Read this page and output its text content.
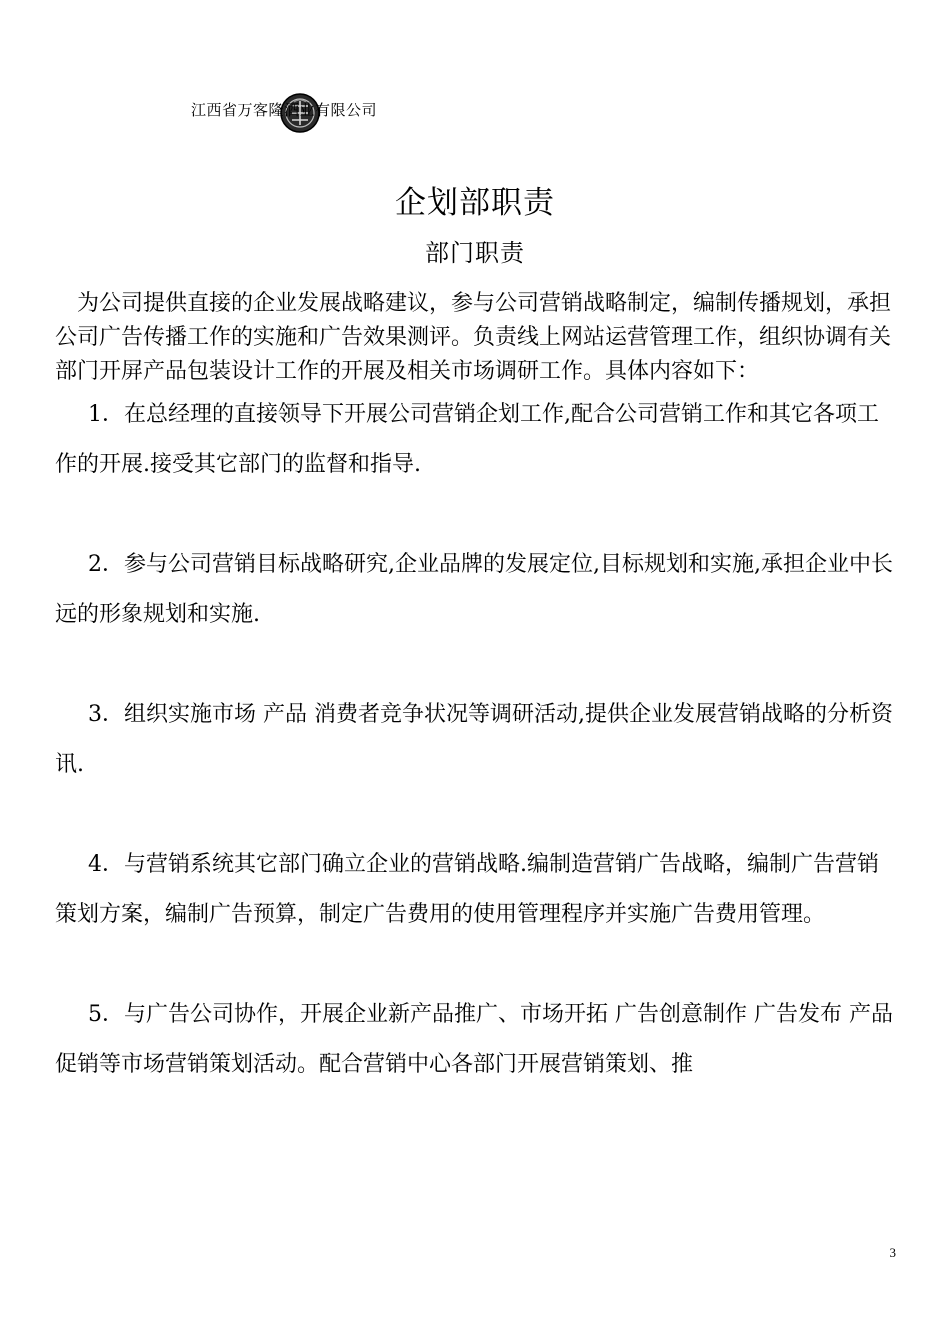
江西省万客隆酒业有限公司
企划部职责
部门职责

为公司提供直接的企业发展战略建议，参与公司营销战略制定，编制传播规划，承担公司广告传播工作的实施和广告效果测评。负责线上网站运营管理工作，组织协调有关部门开屏产品包装设计工作的开展及相关市场调研工作。具体内容如下：

1．在总经理的直接领导下开展公司营销企划工作,配合公司营销工作和其它各项工作的开展.接受其它部门的监督和指导.

2．参与公司营销目标战略研究,企业品牌的发展定位,目标规划和实施,承担企业中长远的形象规划和实施.

3．组织实施市场 产品 消费者竞争状况等调研活动,提供企业发展营销战略的分析资讯.

4．与营销系统其它部门确立企业的营销战略.编制造营销广告战略，编制广告营销策划方案，编制广告预算，制定广告费用的使用管理程序并实施广告费用管理。

5．与广告公司协作，开展企业新产品推广、市场开拓 广告创意制作 广告发布 产品促销等市场营销策划活动。配合营销中心各部门开展营销策划、推

3
